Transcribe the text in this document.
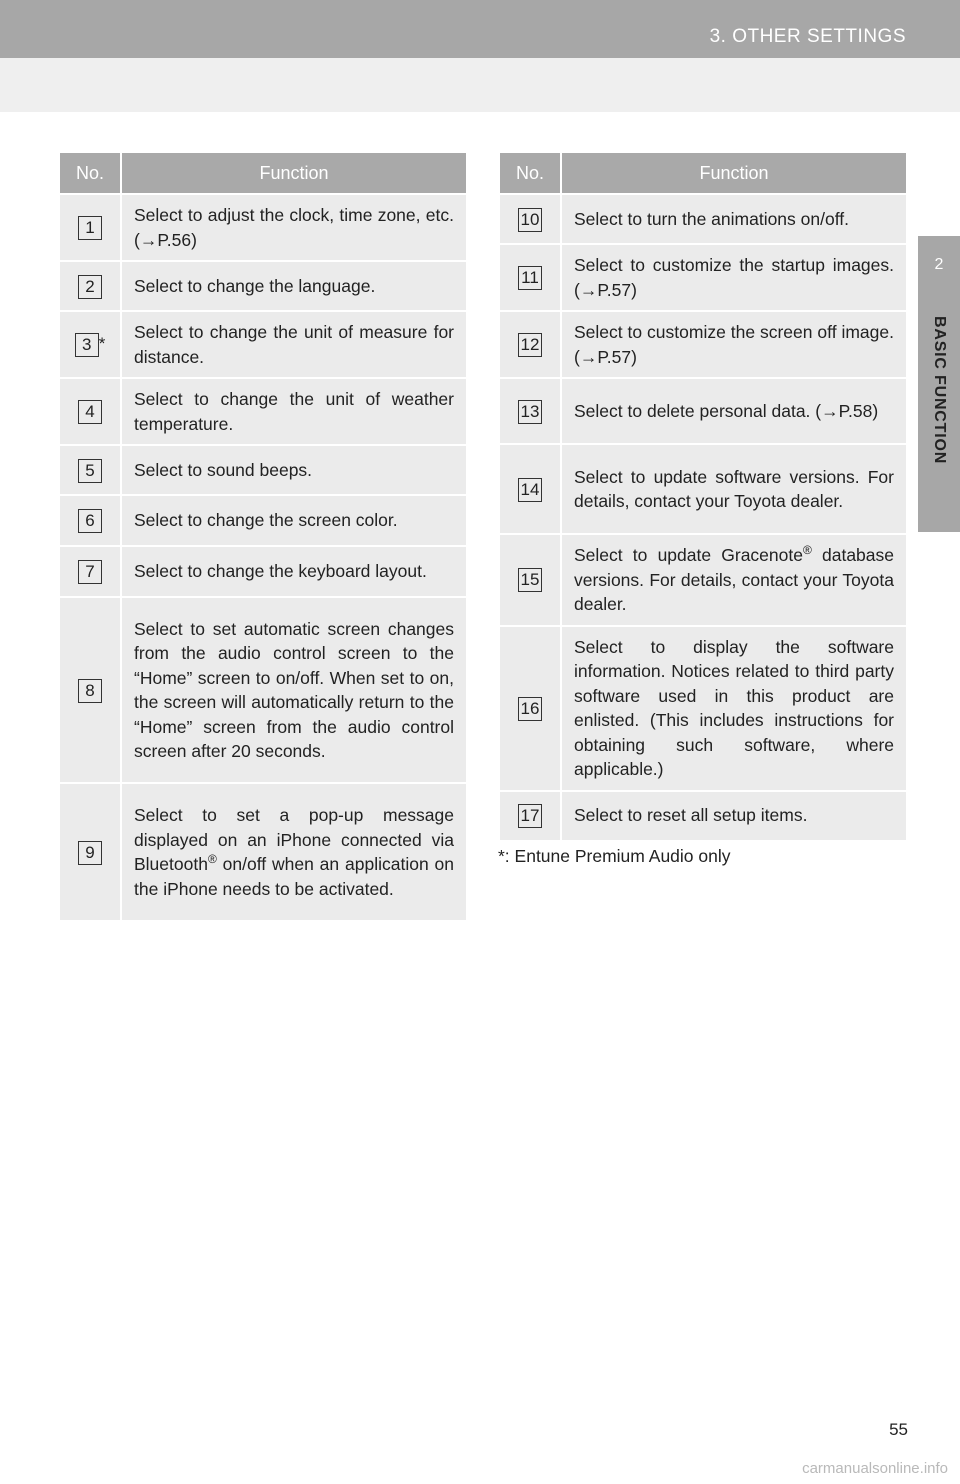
3. OTHER SETTINGS
2
BASIC FUNCTION
No.	Function
1	Select to adjust the clock, time zone, etc. (→P.56)
2	Select to change the language.
3 *	Select to change the unit of measure for distance.
4	Select to change the unit of weather temperature.
5	Select to sound beeps.
6	Select to change the screen color.
7	Select to change the keyboard layout.
8	Select to set automatic screen changes from the audio control screen to the “Home” screen to on/off. When set to on, the screen will automatically return to the “Home” screen from the audio control screen after 20 seconds.
9	Select to set a pop-up message displayed on an iPhone connected via Bluetooth® on/off when an application on the iPhone needs to be activated.
No.	Function
10	Select to turn the animations on/off.
11	Select to customize the startup images. (→P.57)
12	Select to customize the screen off image. (→P.57)
13	Select to delete personal data. (→P.58)
14	Select to update software versions. For details, contact your Toyota dealer.
15	Select to update Gracenote® database versions. For details, contact your Toyota dealer.
16	Select to display the software information. Notices related to third party software used in this product are enlisted. (This includes instructions for obtaining such software, where applicable.)
17	Select to reset all setup items.
*: Entune Premium Audio only
55
carmanualsonline.info
